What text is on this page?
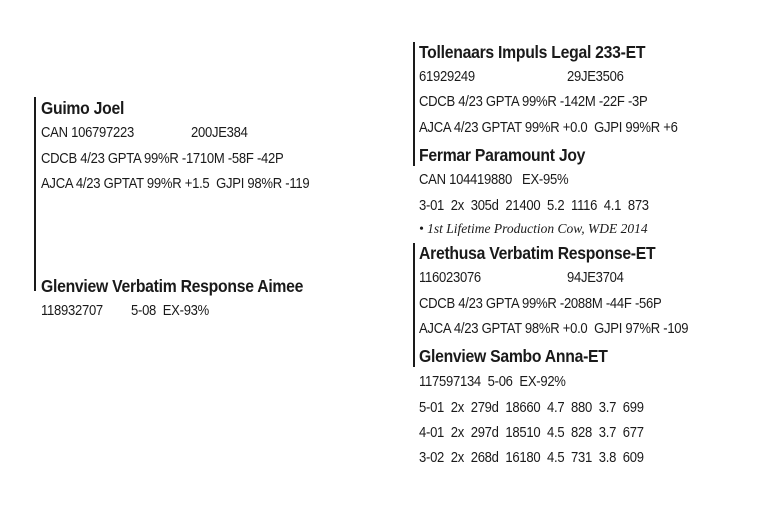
Guimo Joel
CAN 106797223	200JE384
CDCB 4/23 GPTA 99%R -1710M -58F -42P
AJCA 4/23 GPTAT 99%R +1.5  GJPI 98%R -119
Glenview Verbatim Response Aimee
118932707 5-08  EX-93%
Tollenaars Impuls Legal 233-ET
61929249	29JE3506
CDCB 4/23 GPTA 99%R -142M -22F -3P
AJCA 4/23 GPTAT 99%R +0.0  GJPI 99%R +6
Fermar Paramount Joy
CAN 104419880   EX-95%
3-01  2x  305d  21400  5.2  1116  4.1  873
• 1st Lifetime Production Cow, WDE 2014
Arethusa Verbatim Response-ET
116023076	94JE3704
CDCB 4/23 GPTA 99%R -2088M -44F -56P
AJCA 4/23 GPTAT 98%R +0.0  GJPI 97%R -109
Glenview Sambo Anna-ET
117597134  5-06  EX-92%
5-01  2x  279d  18660  4.7  880  3.7  699
4-01  2x  297d  18510  4.5  828  3.7  677
3-02  2x  268d  16180  4.5  731  3.8  609
